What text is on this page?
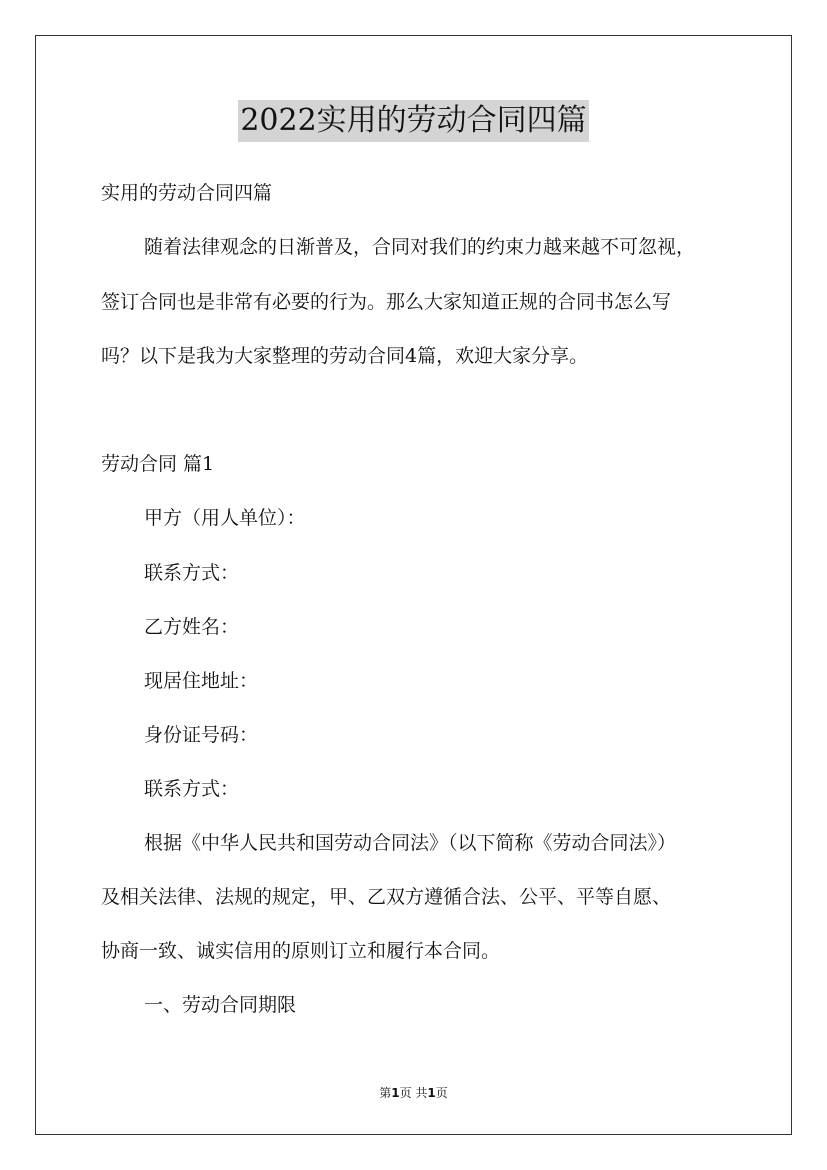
2022实用的劳动合同四篇
实用的劳动合同四篇
随着法律观念的日渐普及，合同对我们的约束力越来越不可忽视，
签订合同也是非常有必要的行为。那么大家知道正规的合同书怎么写
吗？以下是我为大家整理的劳动合同4篇，欢迎大家分享。
劳动合同 篇1
甲方（用人单位）：
联系方式：
乙方姓名：
现居住地址：
身份证号码：
联系方式：
根据《中华人民共和国劳动合同法》（以下简称《劳动合同法》）
及相关法律、法规的规定，甲、乙双方遵循合法、公平、平等自愿、
协商一致、诚实信用的原则订立和履行本合同。
一、劳动合同期限
第1页 共1页
